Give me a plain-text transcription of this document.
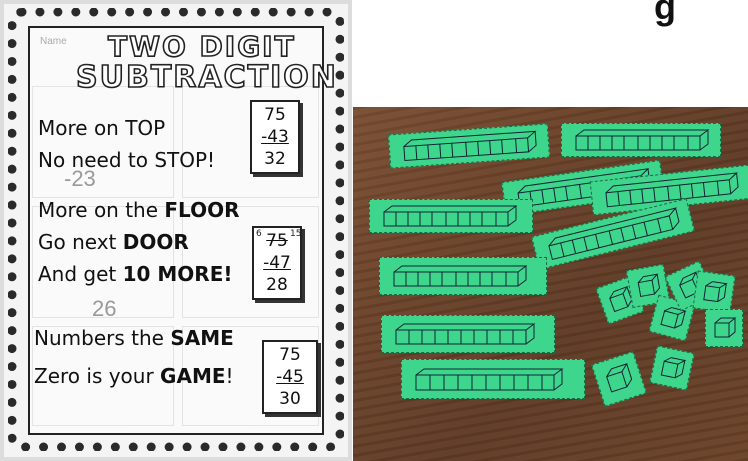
g
-23
26
Name TWO DIGIT
SUBTRACTION
More on TOP
No need to STOP!
More on the FLOOR
Go next DOOR
And get 10 MORE!
Numbers the SAME
Zero is your GAME!
75
-43
32
75
-47
28
6	15
75
-45
30
